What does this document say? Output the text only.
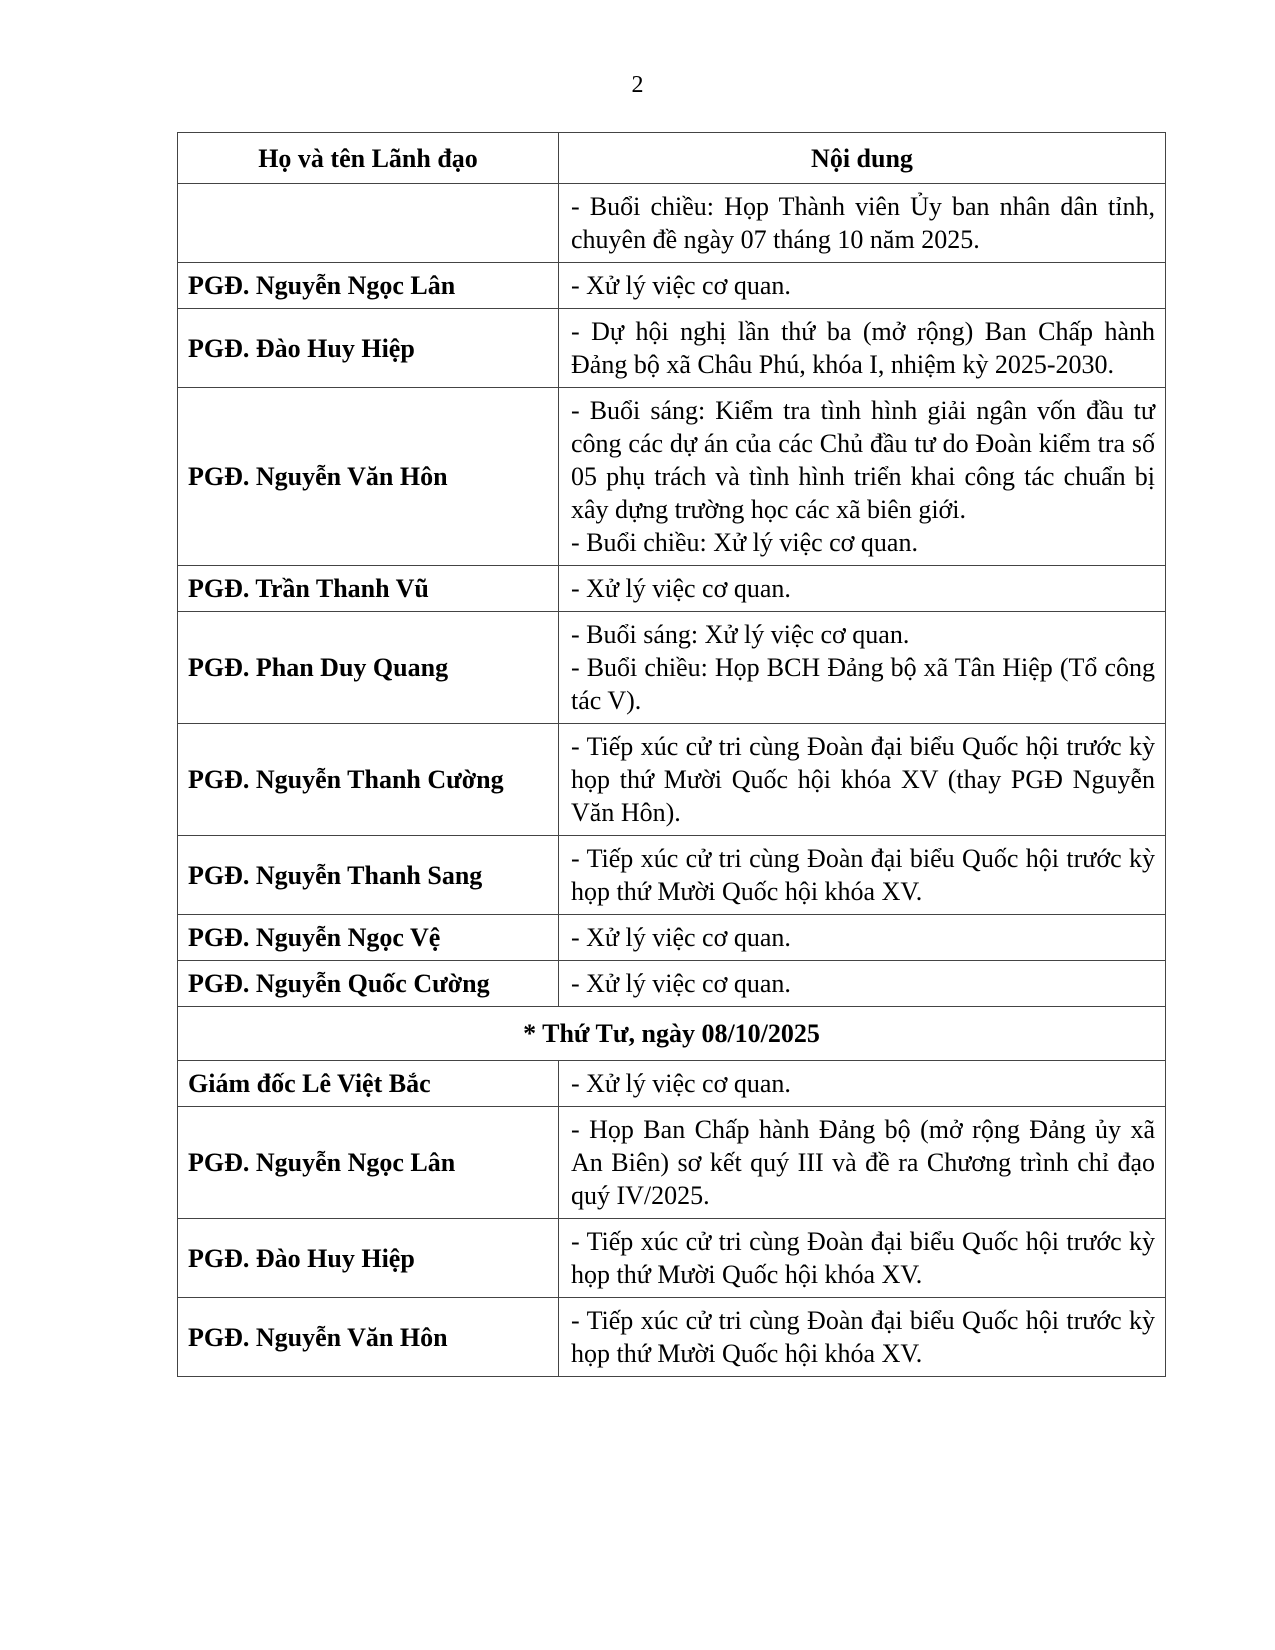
2
Họ và tên Lãnh đạo	Nội dung

	- Buổi chiều: Họp Thành viên Ủy ban nhân dân tỉnh, chuyên đề ngày 07 tháng 10 năm 2025.

PGĐ. Nguyễn Ngọc Lân	- Xử lý việc cơ quan.

PGĐ. Đào Huy Hiệp	- Dự hội nghị lần thứ ba (mở rộng) Ban Chấp hành Đảng bộ xã Châu Phú, khóa I, nhiệm kỳ 2025-2030.

PGĐ. Nguyễn Văn Hôn	- Buổi sáng: Kiểm tra tình hình giải ngân vốn đầu tư công các dự án của các Chủ đầu tư do Đoàn kiểm tra số 05 phụ trách và tình hình triển khai công tác chuẩn bị xây dựng trường học các xã biên giới.
- Buổi chiều: Xử lý việc cơ quan.

PGĐ. Trần Thanh Vũ	- Xử lý việc cơ quan.

PGĐ. Phan Duy Quang	- Buổi sáng: Xử lý việc cơ quan.
- Buổi chiều: Họp BCH Đảng bộ xã Tân Hiệp (Tổ công tác V).

PGĐ. Nguyễn Thanh Cường	- Tiếp xúc cử tri cùng Đoàn đại biểu Quốc hội trước kỳ họp thứ Mười Quốc hội khóa XV (thay PGĐ Nguyễn Văn Hôn).

PGĐ. Nguyễn Thanh Sang	- Tiếp xúc cử tri cùng Đoàn đại biểu Quốc hội trước kỳ họp thứ Mười Quốc hội khóa XV.

PGĐ. Nguyễn Ngọc Vệ	- Xử lý việc cơ quan.

PGĐ. Nguyễn Quốc Cường	- Xử lý việc cơ quan.

* Thứ Tư, ngày 08/10/2025	
Giám đốc Lê Việt Bắc	- Xử lý việc cơ quan.

PGĐ. Nguyễn Ngọc Lân	- Họp Ban Chấp hành Đảng bộ (mở rộng Đảng ủy xã An Biên) sơ kết quý III và đề ra Chương trình chỉ đạo quý IV/2025.

PGĐ. Đào Huy Hiệp	- Tiếp xúc cử tri cùng Đoàn đại biểu Quốc hội trước kỳ họp thứ Mười Quốc hội khóa XV.

PGĐ. Nguyễn Văn Hôn	- Tiếp xúc cử tri cùng Đoàn đại biểu Quốc hội trước kỳ họp thứ Mười Quốc hội khóa XV.
